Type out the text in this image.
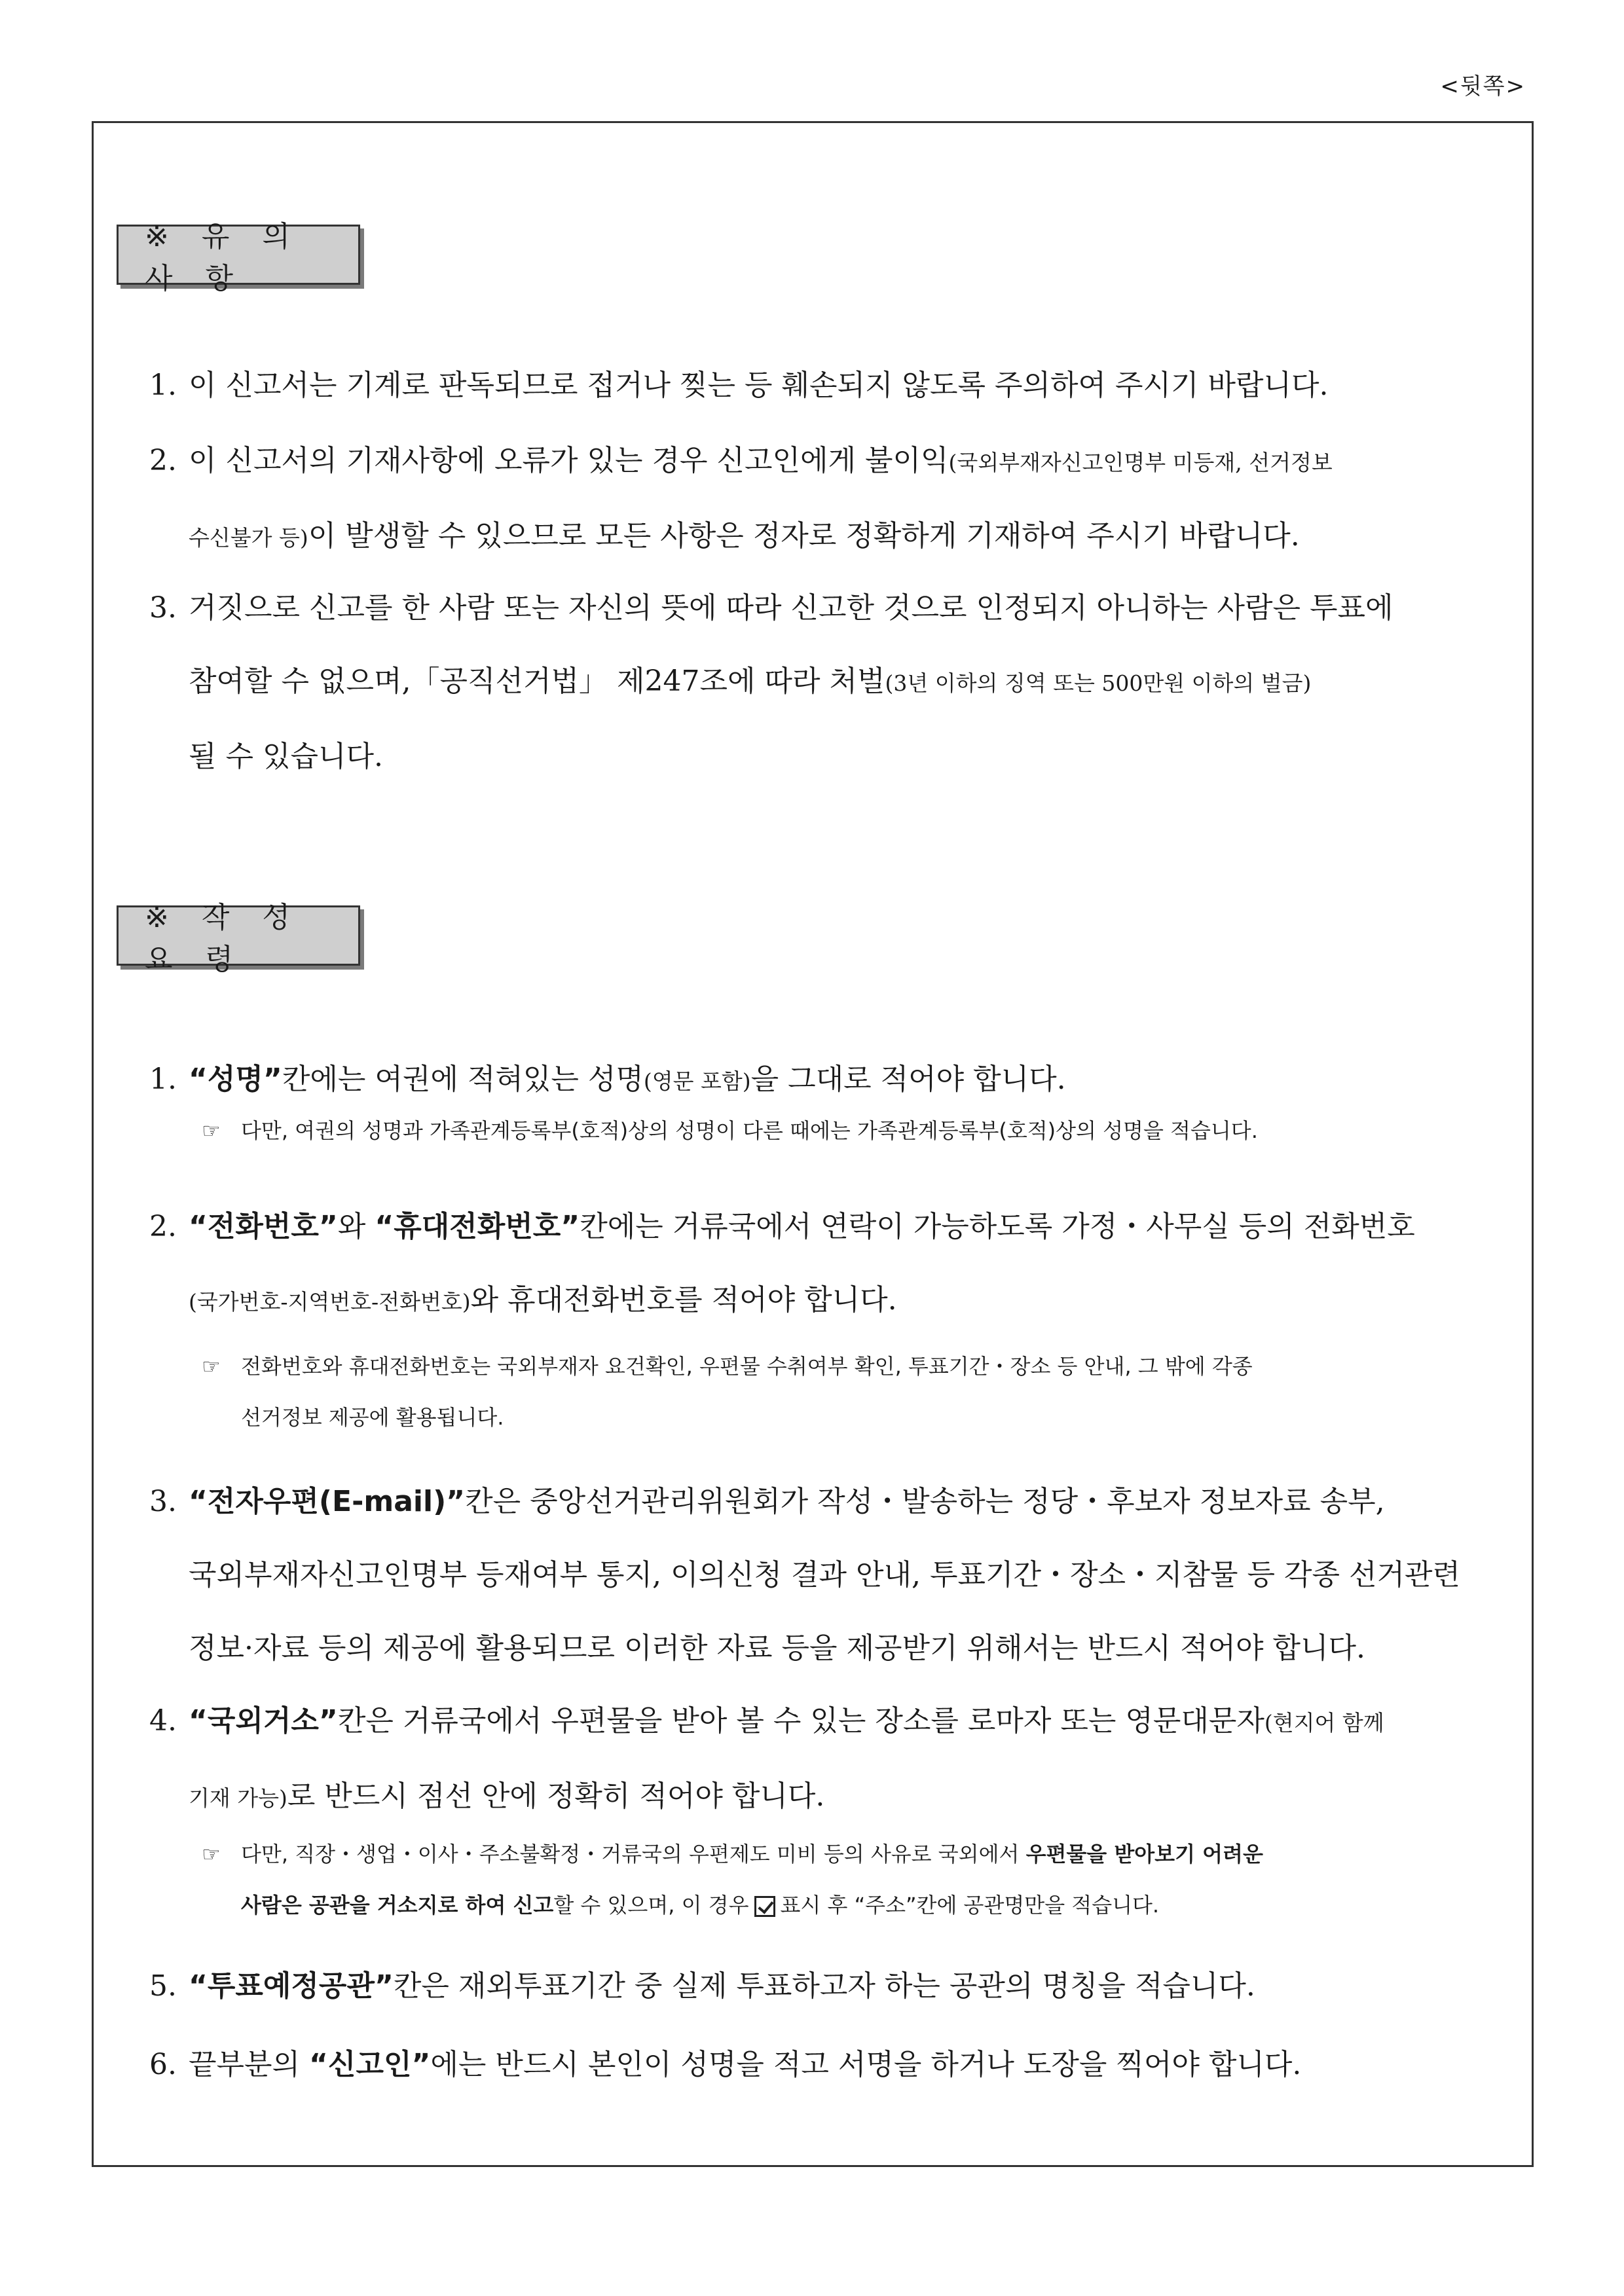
<뒷쪽>
※ 유 의 사 항
1. 이 신고서는 기계로 판독되므로 접거나 찢는 등 훼손되지 않도록 주의하여 주시기 바랍니다.
2. 이 신고서의 기재사항에 오류가 있는 경우 신고인에게 불이익(국외부재자신고인명부 미등재, 선거정보
수신불가 등)이 발생할 수 있으므로 모든 사항은 정자로 정확하게 기재하여 주시기 바랍니다.
3. 거짓으로 신고를 한 사람 또는 자신의 뜻에 따라 신고한 것으로 인정되지 아니하는 사람은 투표에
참여할 수 없으며,「공직선거법」 제247조에 따라 처벌(3년 이하의 징역 또는 500만원 이하의 벌금)
될 수 있습니다.
※ 작 성 요 령
1. “성명”칸에는 여권에 적혀있는 성명(영문 포함)을 그대로 적어야 합니다.
☞ 다만, 여권의 성명과 가족관계등록부(호적)상의 성명이 다른 때에는 가족관계등록부(호적)상의 성명을 적습니다.
2. “전화번호”와 “휴대전화번호”칸에는 거류국에서 연락이 가능하도록 가정・사무실 등의 전화번호
(국가번호-지역번호-전화번호)와 휴대전화번호를 적어야 합니다.
☞ 전화번호와 휴대전화번호는 국외부재자 요건확인, 우편물 수취여부 확인, 투표기간・장소 등 안내, 그 밖에 각종
선거정보 제공에 활용됩니다.
3. “전자우편(E-mail)”칸은 중앙선거관리위원회가 작성・발송하는 정당・후보자 정보자료 송부,
국외부재자신고인명부 등재여부 통지, 이의신청 결과 안내, 투표기간・장소・지참물 등 각종 선거관련
정보·자료 등의 제공에 활용되므로 이러한 자료 등을 제공받기 위해서는 반드시 적어야 합니다.
4. “국외거소”칸은 거류국에서 우편물을 받아 볼 수 있는 장소를 로마자 또는 영문대문자(현지어 함께
기재 가능)로 반드시 점선 안에 정확히 적어야 합니다.
☞ 다만, 직장・생업・이사・주소불확정・거류국의 우편제도 미비 등의 사유로 국외에서 우편물을 받아보기 어려운
사람은 공관을 거소지로 하여 신고할 수 있으며, 이 경우 표시 후 “주소”칸에 공관명만을 적습니다.
5. “투표예정공관”칸은 재외투표기간 중 실제 투표하고자 하는 공관의 명칭을 적습니다.
6. 끝부분의 “신고인”에는 반드시 본인이 성명을 적고 서명을 하거나 도장을 찍어야 합니다.
